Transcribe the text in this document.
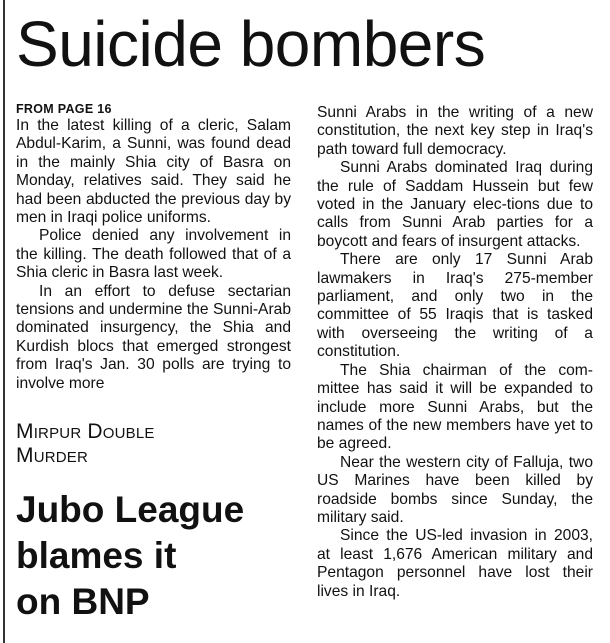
Suicide bombers
FROM PAGE 16

In the latest killing of a cleric, Salam Abdul-Karim, a Sunni, was found dead in the mainly Shia city of Basra on Monday, relatives said. They said he had been abducted the previous day by men in Iraqi police uniforms.

Police denied any involvement in the killing. The death followed that of a Shia cleric in Basra last week.

In an effort to defuse sectarian tensions and undermine the Sunni-Arab dominated insurgency, the Shia and Kurdish blocs that emerged strongest from Iraq's Jan. 30 polls are trying to involve more

Mirpur Double
Murder
Jubo League
blames it
on BNP

Sunni Arabs in the writing of a new constitution, the next key step in Iraq's path toward full democracy.

Sunni Arabs dominated Iraq during the rule of Saddam Hussein but few voted in the January elec-tions due to calls from Sunni Arab parties for a boycott and fears of insurgent attacks.

There are only 17 Sunni Arab lawmakers in Iraq's 275-member parliament, and only two in the committee of 55 Iraqis that is tasked with overseeing the writing of a constitution.

The Shia chairman of the com-mittee has said it will be expanded to include more Sunni Arabs, but the names of the new members have yet to be agreed.

Near the western city of Falluja, two US Marines have been killed by roadside bombs since Sunday, the military said.

Since the US-led invasion in 2003, at least 1,676 American military and Pentagon personnel have lost their lives in Iraq.
